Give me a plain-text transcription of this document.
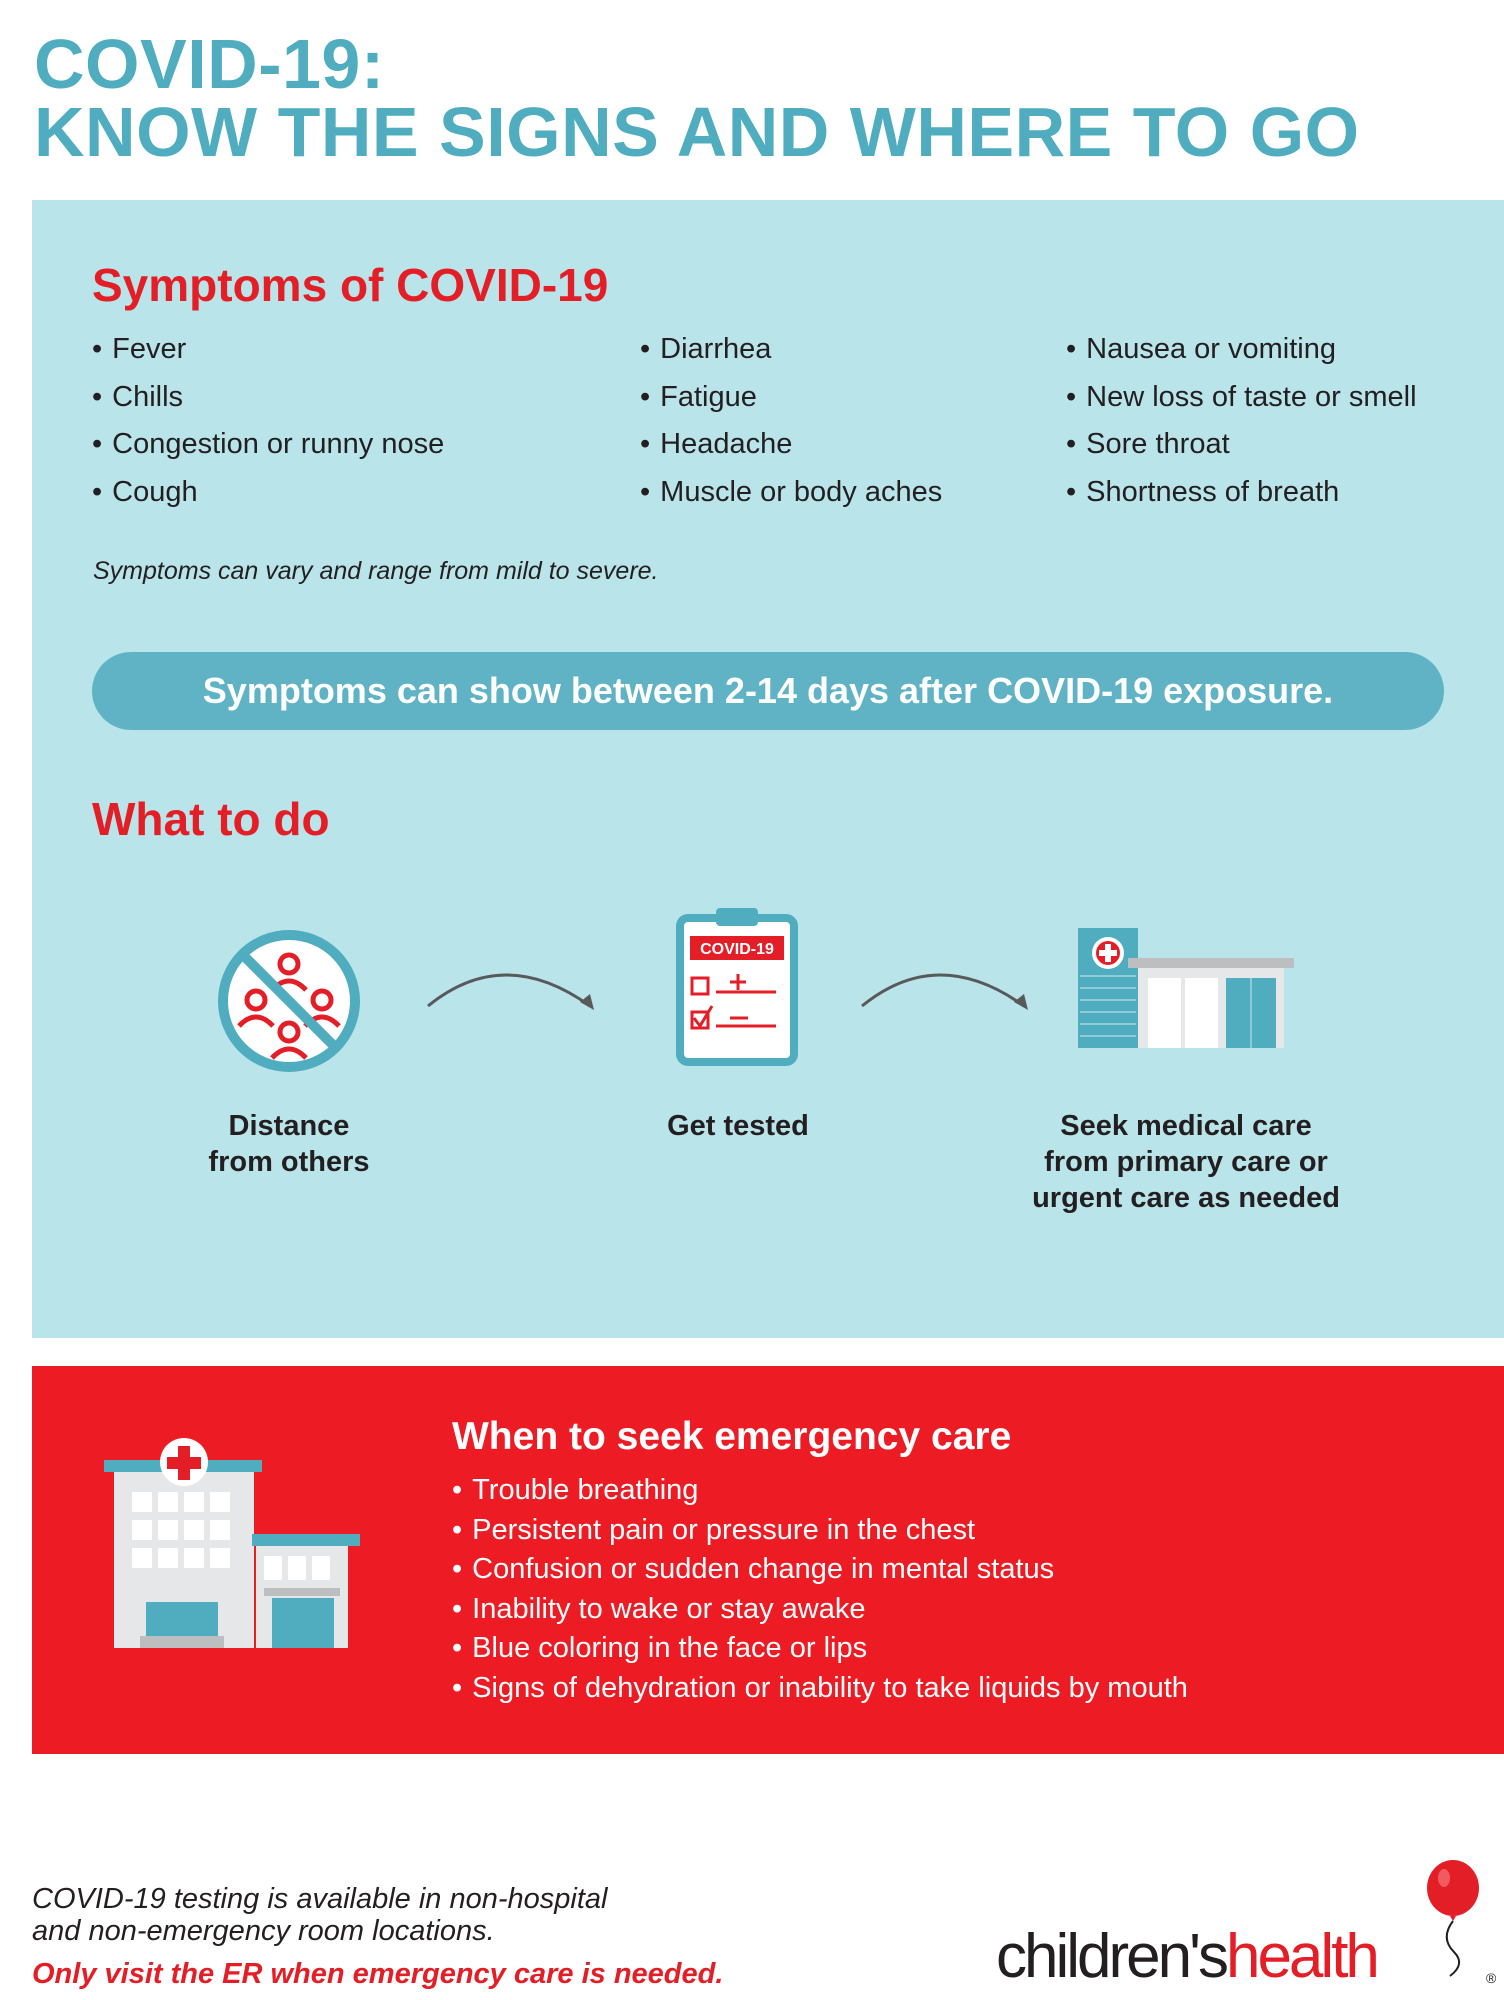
COVID-19:
KNOW THE SIGNS AND WHERE TO GO
Symptoms of COVID-19
• Fever
• Chills
• Congestion or runny nose
• Cough
• Diarrhea
• Fatigue
• Headache
• Muscle or body aches
• Nausea or vomiting
• New loss of taste or smell
• Sore throat
• Shortness of breath
Symptoms can vary and range from mild to severe.
Symptoms can show between 2-14 days after COVID-19 exposure.
What to do
COVID-19
Distance
from others
Get tested	Seek medical care
from primary care or
urgent care as needed
When to seek emergency care
• Trouble breathing
• Persistent pain or pressure in the chest
• Confusion or sudden change in mental status
• Inability to wake or stay awake
• Blue coloring in the face or lips
• Signs of dehydration or inability to take liquids by mouth
COVID-19 testing is available in non-hospital
and non-emergency room locations.
Only visit the ER when emergency care is needed.	children'shealth	®
